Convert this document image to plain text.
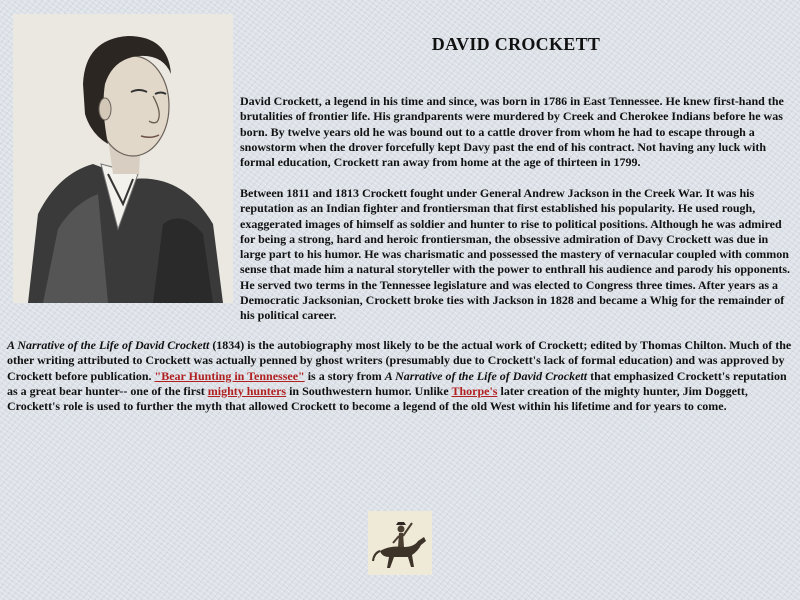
DAVID CROCKETT

David Crockett, a legend in his time and since, was born in 1786 in East Tennessee. He knew first-hand the brutalities of frontier life. His grandparents were murdered by Creek and Cherokee Indians before he was born. By twelve years old he was bound out to a cattle drover from whom he had to escape through a snowstorm when the drover forcefully kept Davy past the end of his contract. Not having any luck with formal education, Crockett ran away from home at the age of thirteen in 1799.

Between 1811 and 1813 Crockett fought under General Andrew Jackson in the Creek War. It was his reputation as an Indian fighter and frontiersman that first established his popularity. He used rough, exaggerated images of himself as soldier and hunter to rise to political positions. Although he was admired for being a strong, hard and heroic frontiersman, the obsessive admiration of Davy Crockett was due in large part to his humor. He was charismatic and possessed the mastery of vernacular coupled with common sense that made him a natural storyteller with the power to enthrall his audience and parody his opponents. He served two terms in the Tennessee legislature and was elected to Congress three times. After years as a Democratic Jacksonian, Crockett broke ties with Jackson in 1828 and became a Whig for the remainder of his political career.

A Narrative of the Life of David Crockett (1834) is the autobiography most likely to be the actual work of Crockett; edited by Thomas Chilton. Much of the other writing attributed to Crockett was actually penned by ghost writers (presumably due to Crockett's lack of formal education) and was approved by Crockett before publication. "Bear Hunting in Tennessee" is a story from A Narrative of the Life of David Crockett that emphasized Crockett's reputation as a great bear hunter-- one of the first mighty hunters in Southwestern humor. Unlike Thorpe's later creation of the mighty hunter, Jim Doggett, Crockett's role is used to further the myth that allowed Crockett to become a legend of the old West within his lifetime and for years to come.
